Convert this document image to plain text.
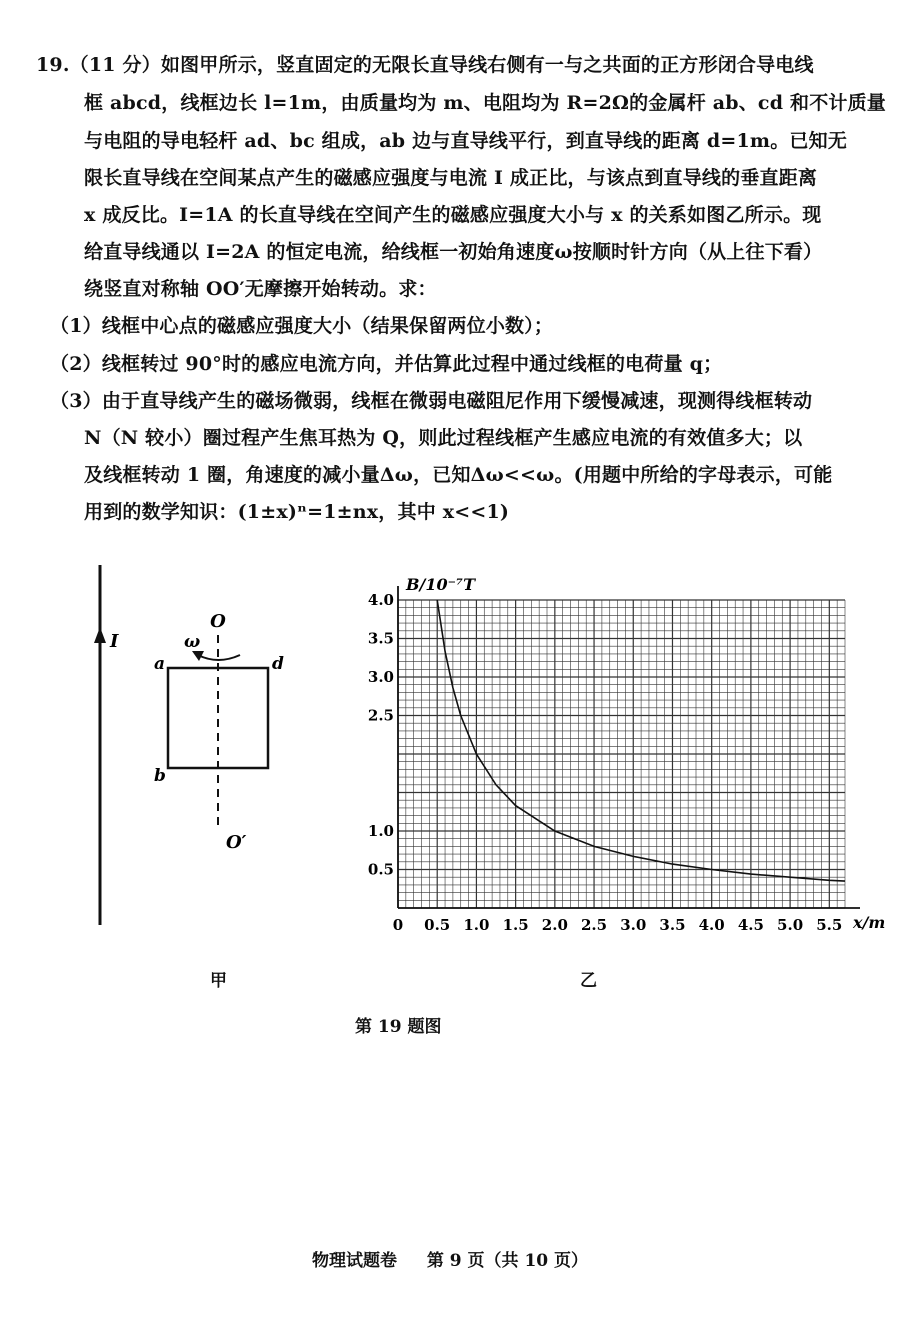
19.（11 分）如图甲所示，竖直固定的无限长直导线右侧有一与之共面的正方形闭合导电线
框 abcd，线框边长 l=1m，由质量均为 m、电阻均为 R=2Ω的金属杆 ab、cd 和不计质量
与电阻的导电轻杆 ad、bc 组成，ab 边与直导线平行，到直导线的距离 d=1m。已知无
限长直导线在空间某点产生的磁感应强度与电流 I 成正比，与该点到直导线的垂直距离
x 成反比。I=1A 的长直导线在空间产生的磁感应强度大小与 x 的关系如图乙所示。现
给直导线通以 I=2A 的恒定电流，给线框一初始角速度ω按顺时针方向（从上往下看）
绕竖直对称轴 OO′无摩擦开始转动。求：
（1）线框中心点的磁感应强度大小（结果保留两位小数）；
（2）线框转过 90°时的感应电流方向，并估算此过程中通过线框的电荷量 q；
（3）由于直导线产生的磁场微弱，线框在微弱电磁阻尼作用下缓慢减速，现测得线框转动
N（N 较小）圈过程产生焦耳热为 Q，则此过程线框产生感应电流的有效值多大；以
及线框转动 1 圈，角速度的减小量Δω，已知Δω<<ω。(用题中所给的字母表示，可能
用到的数学知识：(1±x)ⁿ=1±nx，其中 x<<1)
I
O
O′
ω
a	d
b
甲
B/10⁻⁷T
x/m
0 0.5 1.0 1.5 2.0 2.5 3.0 3.5 4.0 4.5 5.0 5.5
0.5
1.0
2.5
3.0
3.5
4.0
乙
第 19 题图
物理试题卷 第 9 页（共 10 页）
